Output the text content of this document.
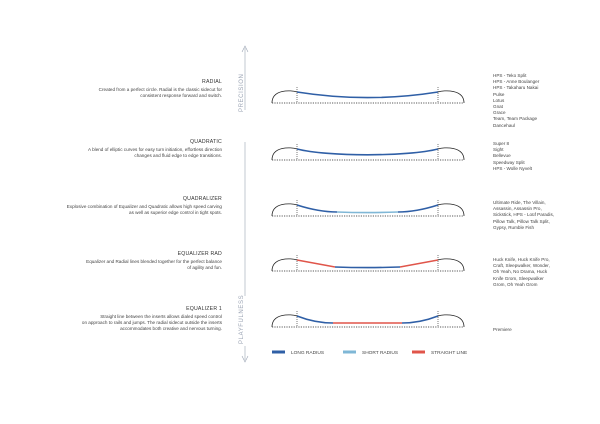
LONG RADIUS	SHORT RADIUS	STRAIGHT LINE
PRECISION
PLAYFULNESS
RADIAL
Created from a perfect circle. Radial is the classic sidecut for
consistent response forward and switch.
HPS - Teko Split
HPS - Anne Boulanger
HPS - Takaharu Nakai
Pulse
Lotus
Gnat
Grace
Team, Team Package
Dancehaul
QUADRATIC
A blend of elliptic curves for easy turn initiation, effortless direction
changes and fluid edge to edge transitions.
Super 8
Sight
Bellevue
Speedway Split
HPS - Wolle Nyvelt
QUADRALIZER
Explosive combination of Equalizer and Quadratic allows high speed carving
as well as superior edge control in tight spots.
Ultimate Ride, The Villain,
Assassin, Assassin Pro,
Sickstick, HPS - Loüf Paradis,
Pillow Talk, Pillow Talk Split,
Gypsy, Rumble Fish
EQUALIZER RAD
Equalizer and Radial lines blended together for the perfect balance
of agility and fun.
Huck Knife, Huck Knife Pro,
Craft, Sleepwalker, Wonder,
Oh Yeah, No Drama, Huck
Knife Grom, Sleepwalker
Grom, Oh Yeah Grom
EQUALIZER 1
Straight line between the inserts allows dialed speed control
on approach to rails and jumps. The radial sidecut outside the inserts
accommodates both creative and nervous turning.	Premiere
